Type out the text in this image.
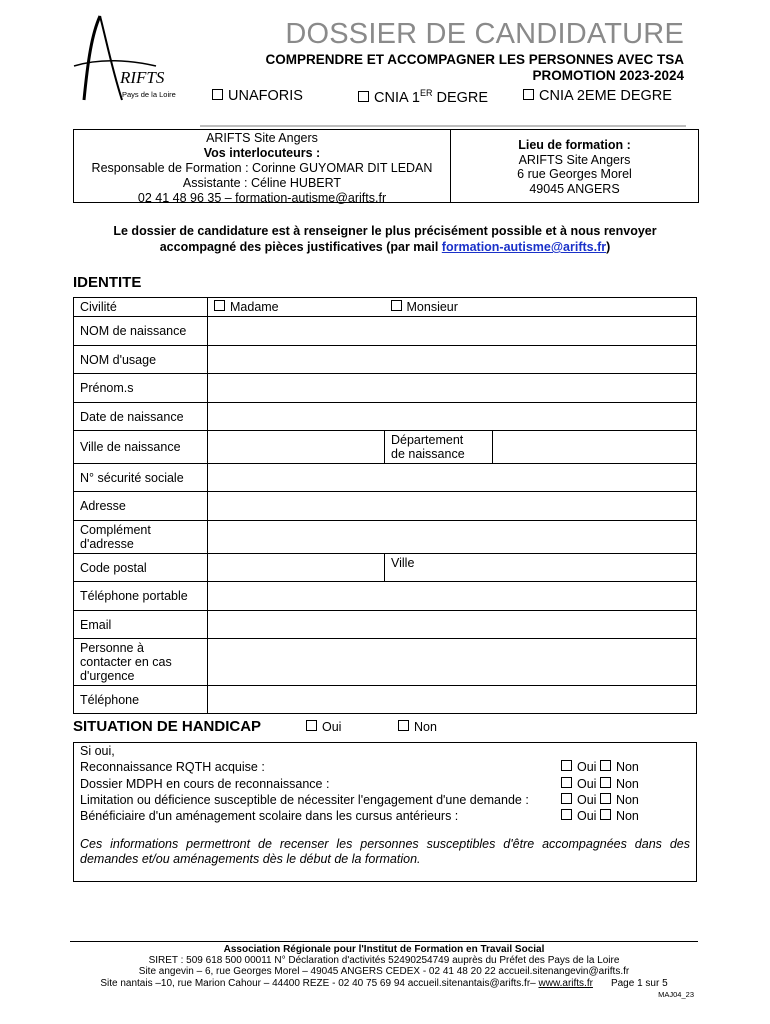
RIFTS
Pays de la Loire
DOSSIER DE CANDIDATURE
COMPRENDRE ET ACCOMPAGNER LES PERSONNES AVEC TSA
PROMOTION 2023-2024
UNAFORIS	CNIA 1ER DEGRE	CNIA 2EME DEGRE
ARIFTS Site Angers
Vos interlocuteurs :
Responsable de Formation : Corinne GUYOMAR DIT LEDAN
Assistante : Céline HUBERT
02 41 48 96 35 – formation-autisme@arifts.fr
Lieu de formation :
ARIFTS Site Angers
6 rue Georges Morel
49045 ANGERS
Le dossier de candidature est à renseigner le plus précisément possible et à nous renvoyer
accompagné des pièces justificatives (par mail formation-autisme@arifts.fr)
IDENTITE
Civilité	Madame	Monsieur	
NOM de naissance			
NOM d'usage			
Prénom.s			
Date de naissance			
Ville de naissance		Département
de naissance	

N° sécurité sociale			
Adresse			

Complément
d'adresse			

Code postal		Ville	
Téléphone portable			
Email			

Personne à
contacter en cas
d'urgence			

Téléphone			
SITUATION DE HANDICAP	Oui	Non
Si oui,
Reconnaissance RQTH acquise :	Oui Non
Dossier MDPH en cours de reconnaissance :	Oui Non
Limitation ou déficience susceptible de nécessiter l'engagement d'une demande :	Oui Non
Bénéficiaire d'un aménagement scolaire dans les cursus antérieurs :	Oui Non
Ces informations permettront de recenser les personnes susceptibles d'être accompagnées dans des demandes et/ou aménagements dès le début de la formation.
Association Régionale pour l'Institut de Formation en Travail Social
SIRET : 509 618 500 00011 N° Déclaration d'activités 52490254749 auprès du Préfet des Pays de la Loire
Site angevin – 6, rue Georges Morel – 49045 ANGERS CEDEX - 02 41 48 20 22 accueil.sitenangevin@arifts.fr
Site nantais –10, rue Marion Cahour – 44400 REZE - 02 40 75 69 94 accueil.sitenantais@arifts.fr– www.arifts.fr Page 1 sur 5
MAJ04_23
